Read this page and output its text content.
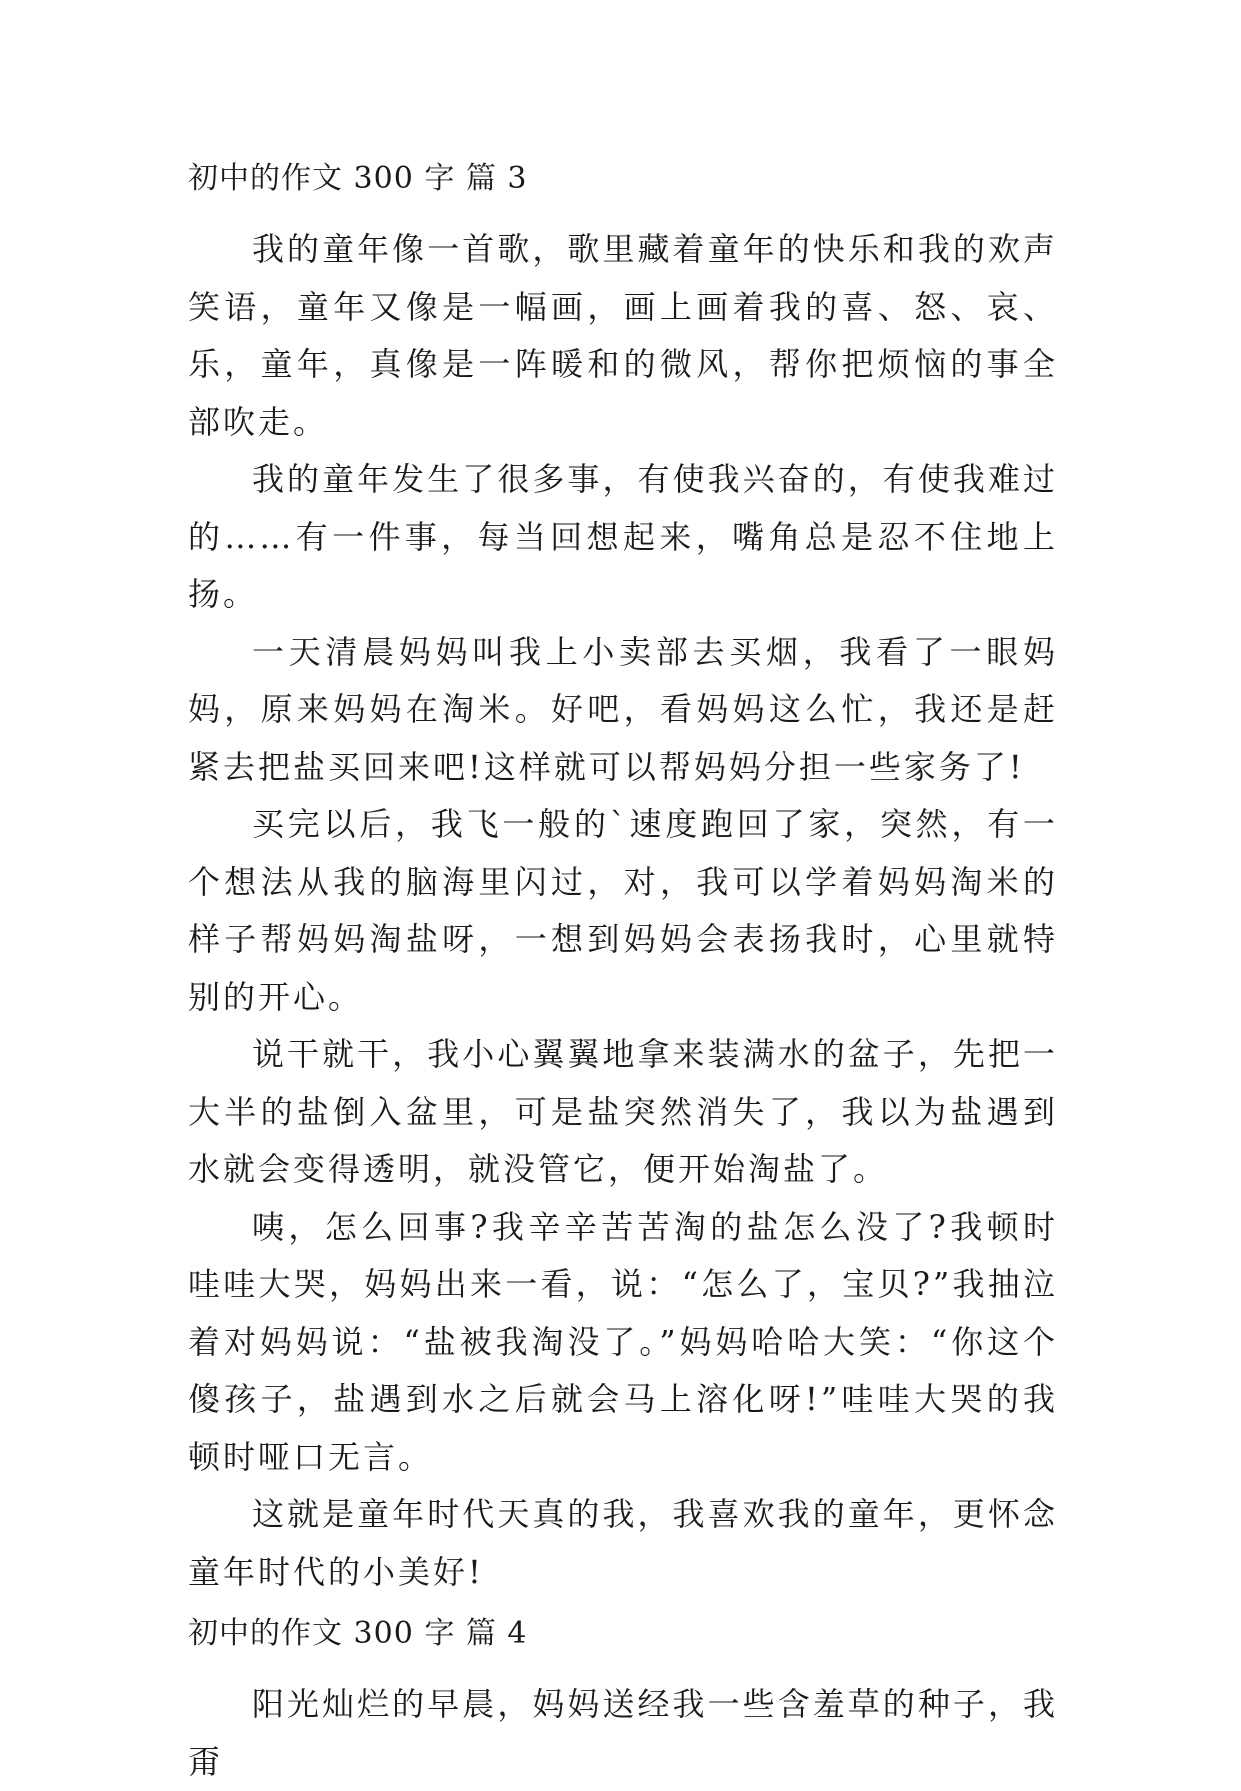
初中的作文 300 字 篇 3

我的童年像一首歌，歌里藏着童年的快乐和我的欢声笑语，童年又像是一幅画，画上画着我的喜、怒、哀、乐，童年，真像是一阵暖和的微风，帮你把烦恼的事全部吹走。

我的童年发生了很多事，有使我兴奋的，有使我难过的……有一件事，每当回想起来，嘴角总是忍不住地上扬。

一天清晨妈妈叫我上小卖部去买烟，我看了一眼妈妈，原来妈妈在淘米。好吧，看妈妈这么忙，我还是赶紧去把盐买回来吧!这样就可以帮妈妈分担一些家务了!

买完以后，我飞一般的`速度跑回了家，突然，有一个想法从我的脑海里闪过，对，我可以学着妈妈淘米的样子帮妈妈淘盐呀，一想到妈妈会表扬我时，心里就特别的开心。

说干就干，我小心翼翼地拿来装满水的盆子，先把一大半的盐倒入盆里，可是盐突然消失了，我以为盐遇到水就会变得透明，就没管它，便开始淘盐了。

咦，怎么回事?我辛辛苦苦淘的盐怎么没了?我顿时哇哇大哭，妈妈出来一看，说：“怎么了，宝贝?”我抽泣着对妈妈说：“盐被我淘没了。”妈妈哈哈大笑：“你这个傻孩子，盐遇到水之后就会马上溶化呀!”哇哇大哭的我顿时哑口无言。

这就是童年时代天真的我，我喜欢我的童年，更怀念童年时代的小美好!

初中的作文 300 字 篇 4

阳光灿烂的早晨，妈妈送经我一些含羞草的种子，我甭
